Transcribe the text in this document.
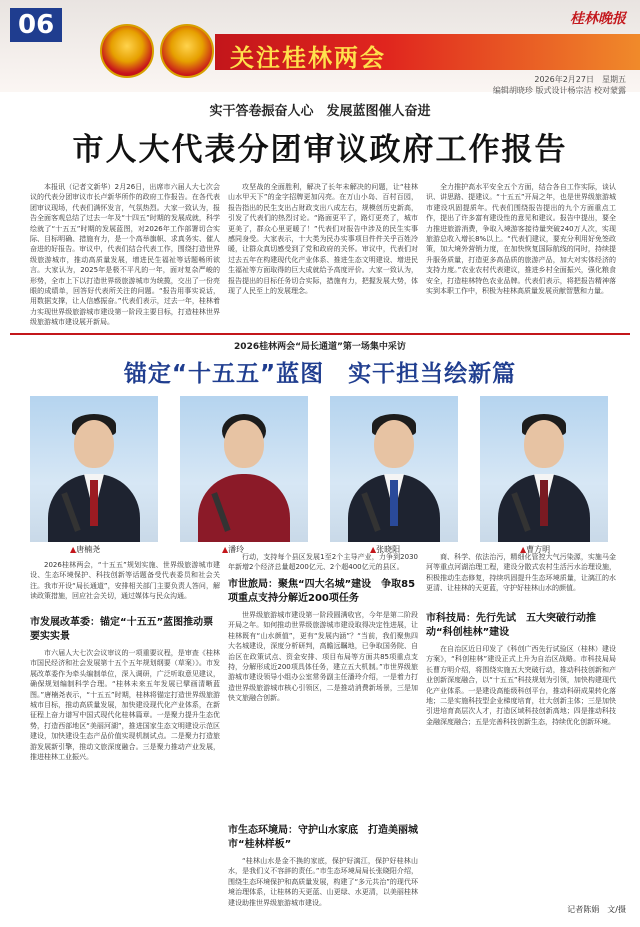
06
关注桂林两会
桂林晚报
2026年2月27日　星期五
编辑胡晓珍 版式设计杨宗洁 校对蒙露
实干答卷振奋人心　发展蓝图催人奋进
市人大代表分团审议政府工作报告

本报讯（记者文新华）2月26日，出席市六届人大七次会议的代表分团审议市长卢新华所作的政府工作报告。在各代表团审议现场，代表们满怀发言，气氛热烈。大家一致认为，报告全面客观总结了过去一年及“十四五”时期的发展成就，科学绘就了“十五五”时期的发展蓝图，对2026年工作部署切合实际、目标明确、措施有力，是一个高举旗帜、求真务实、催人奋进的好报告。审议中，代表们结合代表工作，围绕打造世界级旅游城市，推动高质量发展，增进民生福祉等话题畅所欲言。大家认为，2025年是极不平凡的一年，面对复杂严峻的形势，全市上下以打造世界级旅游城市为统揽，交出了一份亮眼的成绩单，回答好代表所关注的问题。“报告用事实说话，用数据支撑，让人信感振奋。”代表们表示，过去一年，桂林着力实现世界级旅游城市建设第一阶段主要目标，打造桂林世界级旅游城市建设展开新局。

攻坚战的全面胜利，解决了长年未解决的问题，让“桂林山水甲天下”的金字招牌更加闪亮。在万山小岛、百村百园，报告指出的民生支出占财政支出八成左右，规模创历史新高，引发了代表们的热烈讨论。“路面更平了，路灯更亮了，城市更美了，群众心里更暖了！”代表们对报告中涉及的民生实事感同身受。大家表示，十大类为民办实事项目件件关乎百姓冷暖，让群众真切感受到了党和政府的关怀。审议中，代表们对过去五年在构建现代化产业体系、推进生态文明建设、增进民生福祉等方面取得的巨大成就给予高度评价。大家一致认为，报告提出的目标任务切合实际，措施有力，把握发展大势，体现了人民至上的发展理念。

全力推护高水平安全五个方面，结合各自工作实际，谈认识、讲思路、提建议。“十五五”开局之年，也是世界级旅游城市建设巩固提质年。代表们围绕报告提出的九个方面重点工作，提出了许多富有建设性的意见和建议。报告中提出，要全力推进旅游消费，争取入境游客接待量突破240万人次，实现旅游总收入增长8%以上。“代表们建议，要充分利用好免签政策，加大境外营销力度，在加快恢复国际航线的同时，持续提升服务质量，打造更多高品质的旅游产品，加大对实体经济的支持力度。”农业农村代表建议，推进乡村全面振兴，强化粮食安全，打造桂林特色农业品牌。代表们表示，将把报告精神落实到本职工作中，积极为桂林高质量发展贡献智慧和力量。

2026桂林两会“局长通道”第一场集中采访
锚定“十五五”蓝图　实干担当绘新篇
▲唐楠尧	▲潘玲	▲张晓阳	▲曹方明

2026桂林两会，“十五五”规划实施、世界级旅游城市建设、生态环境保护、科技创新等话题备受代表委员和社会关注。我市开设“局长通道”，安排相关部门主要负责人答问，解读政策措施，回应社会关切，通过媒体与民众沟通。

市发展改革委：锚定“十五五”蓝图推动票要实实景

市六届人大七次会议审议的一项重要议程，是审查《桂林市国民经济和社会发展第十五个五年规划纲要（草案）》。市发展改革委作为牵头编制单位，深入调研，广泛听取意见建议，确保规划编制科学合理。“桂林未来五年发展已擘画清晰蓝图。”唐楠尧表示，“十五五”时期，桂林将锚定打造世界级旅游城市目标，推动高质量发展，加快建设现代化产业体系，在新征程上奋力谱写中国式现代化桂林篇章。一是聚力提升生态优势，打造西部地区“美丽河湖”，推进国家生态文明建设示范区建设，加快建设生态产品价值实现机制试点。二是聚力打造旅游发展新引擎，推动文旅深度融合。三是聚力推动产业发展，推进桂林工业振兴。

行动，支持每个县区发展1至2个主导产业，力争到2030年新增2个经济总量超200亿元、2个超400亿元的县区。

市世旅局：聚焦“四大名城”建设　争取85项重点支持分解近200项任务

世界级旅游城市建设第一阶段圆满收官，今年是第二阶段开局之年。如何推动世界级旅游城市建设取得决定性进展，让桂林既有“山水颜值”，更有“发展内涵”？“当前，我们聚焦四大名城建设，深度分析研判，高瞻远瞩地，已争取国务院、自治区在政策试点、资金安排、项目布局等方面共85项重点支持，分解形成近200项具体任务，建立五大机制。”市世界级旅游城市建设领导小组办公室常务副主任潘玲介绍，一是着力打造世界级旅游城市核心引领区，二是推动消费新场景，三是加快文旅融合创新。

市生态环境局：守护山水家底　打造美丽城市“桂林样板”

“桂林山水是金不换的家底，保护好漓江，保护好桂林山水，是我们义不容辞的责任。”市生态环境局局长张晓阳介绍，围绕生态环境保护和高质量发展，构建了“多元共治”的现代环境治理体系，让桂林的天更蓝、山更绿、水更清，以美丽桂林建设助推世界级旅游城市建设。

商、科学、依法治污，精细化管控大气污染源，实施马金河等重点河湖治理工程，建设分散式农村生活污水治理设施，积极推动生态修复，持续巩固提升生态环境质量，让漓江的水更清、让桂林的天更蓝，守护好桂林山水的颜值。

市科技局：先行先试　五大突破行动推动“科创桂林”建设

在自治区近日印发了《科创广西先行试验区（桂林）建设方案》，“科创桂林”建设正式上升为自治区战略。市科技局局长曹方明介绍，将围绕实施五大突破行动，推动科技创新和产业创新深度融合，以“十五五”科技规划为引领，加快构建现代化产业体系。一是建设高能级科创平台，推动科研成果转化落地；二是实施科技型企业梯度培育，壮大创新主体；三是加快引进培育高层次人才，打造区域科技创新高地；四是推动科技金融深度融合；五是完善科技创新生态，持续优化创新环境。

记者陈娟　文/摄
